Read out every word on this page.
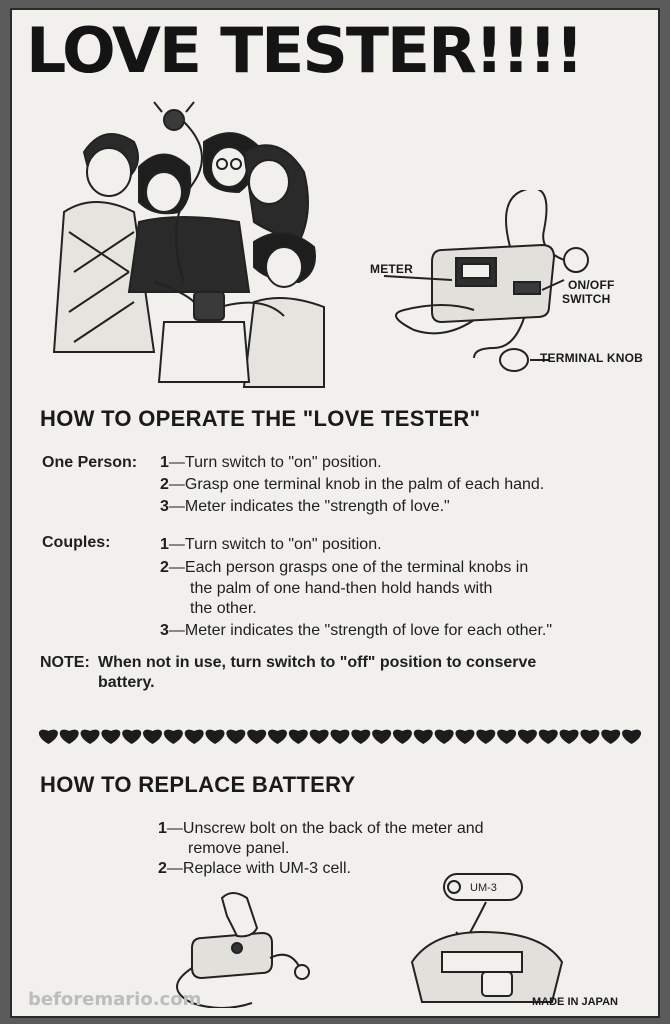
LOVE TESTER!!!!
METER
ON/OFF
SWITCH
TERMINAL KNOB
HOW TO OPERATE THE "LOVE TESTER"
One Person: 1—Turn switch to "on" position.
2—Grasp one terminal knob in the palm of each hand.
3—Meter indicates the "strength of love."
Couples:	1—Turn switch to "on" position.
2—Each person grasps one of the terminal knobs in
the palm of one hand-then hold hands with
the other.
3—Meter indicates the "strength of love for each other."
NOTE: When not in use, turn switch to "off" position to conserve
battery.
HOW TO REPLACE BATTERY
1—Unscrew bolt on the back of the meter and
remove panel.
2—Replace with UM-3 cell.
UM-3
beforemario.com	MADE IN JAPAN
